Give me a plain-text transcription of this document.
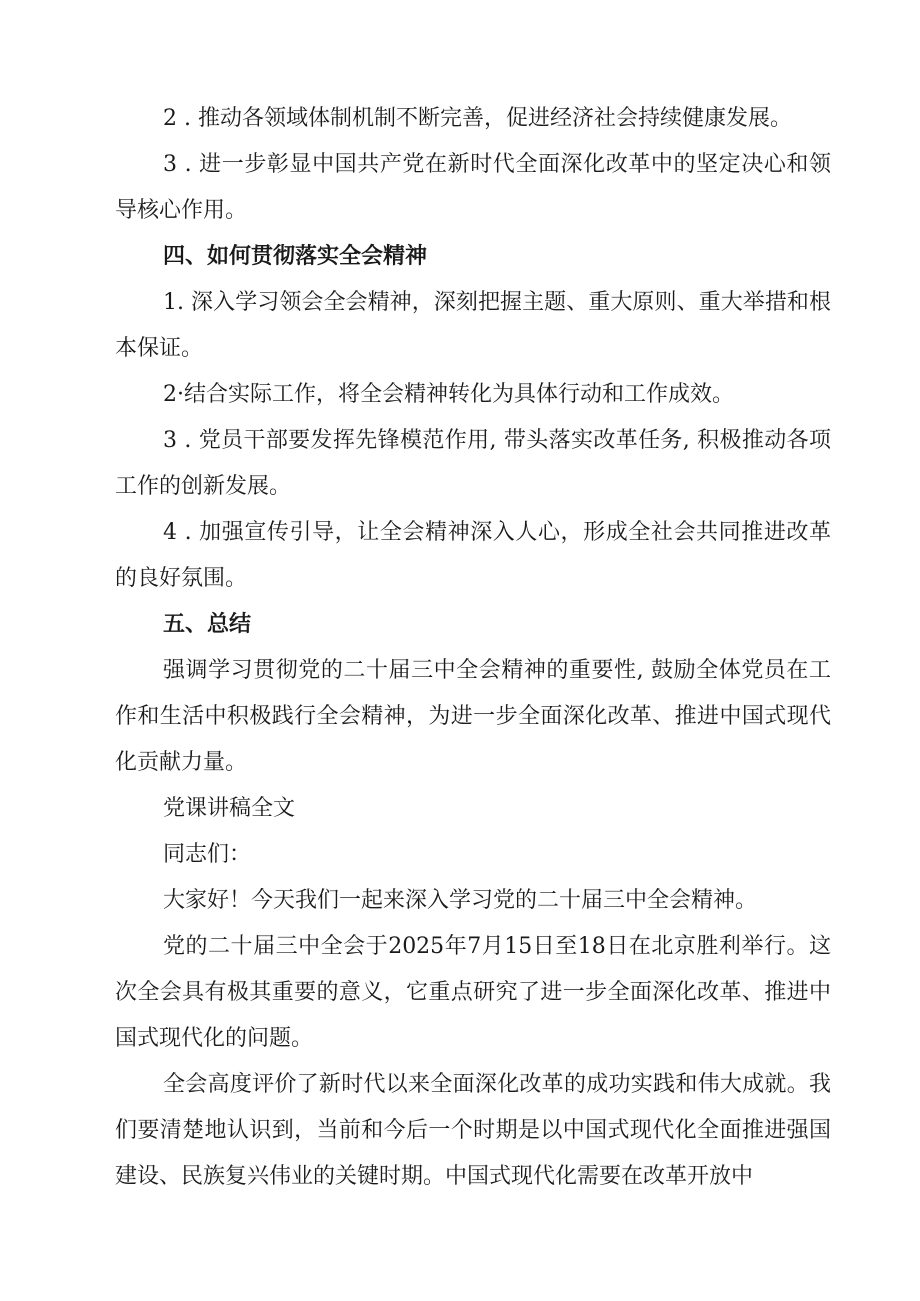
2 . 推动各领域体制机制不断完善，促进经济社会持续健康发展。

3 . 进一步彰显中国共产党在新时代全面深化改革中的坚定决心和领导核心作用。

四、如何贯彻落实全会精神

1. 深入学习领会全会精神，深刻把握主题、重大原则、重大举措和根本保证。

2·结合实际工作，将全会精神转化为具体行动和工作成效。

3 . 党员干部要发挥先锋模范作用, 带头落实改革任务, 积极推动各项工作的创新发展。

4 . 加强宣传引导，让全会精神深入人心，形成全社会共同推进改革的良好氛围。

五、总结

强调学习贯彻党的二十届三中全会精神的重要性, 鼓励全体党员在工作和生活中积极践行全会精神，为进一步全面深化改革、推进中国式现代化贡献力量。

党课讲稿全文

同志们：

大家好！今天我们一起来深入学习党的二十届三中全会精神。

党的二十届三中全会于2025年7月15日至18日在北京胜利举行。这次全会具有极其重要的意义，它重点研究了进一步全面深化改革、推进中国式现代化的问题。

全会高度评价了新时代以来全面深化改革的成功实践和伟大成就。我们要清楚地认识到，当前和今后一个时期是以中国式现代化全面推进强国建设、民族复兴伟业的关键时期。中国式现代化需要在改革开放中
